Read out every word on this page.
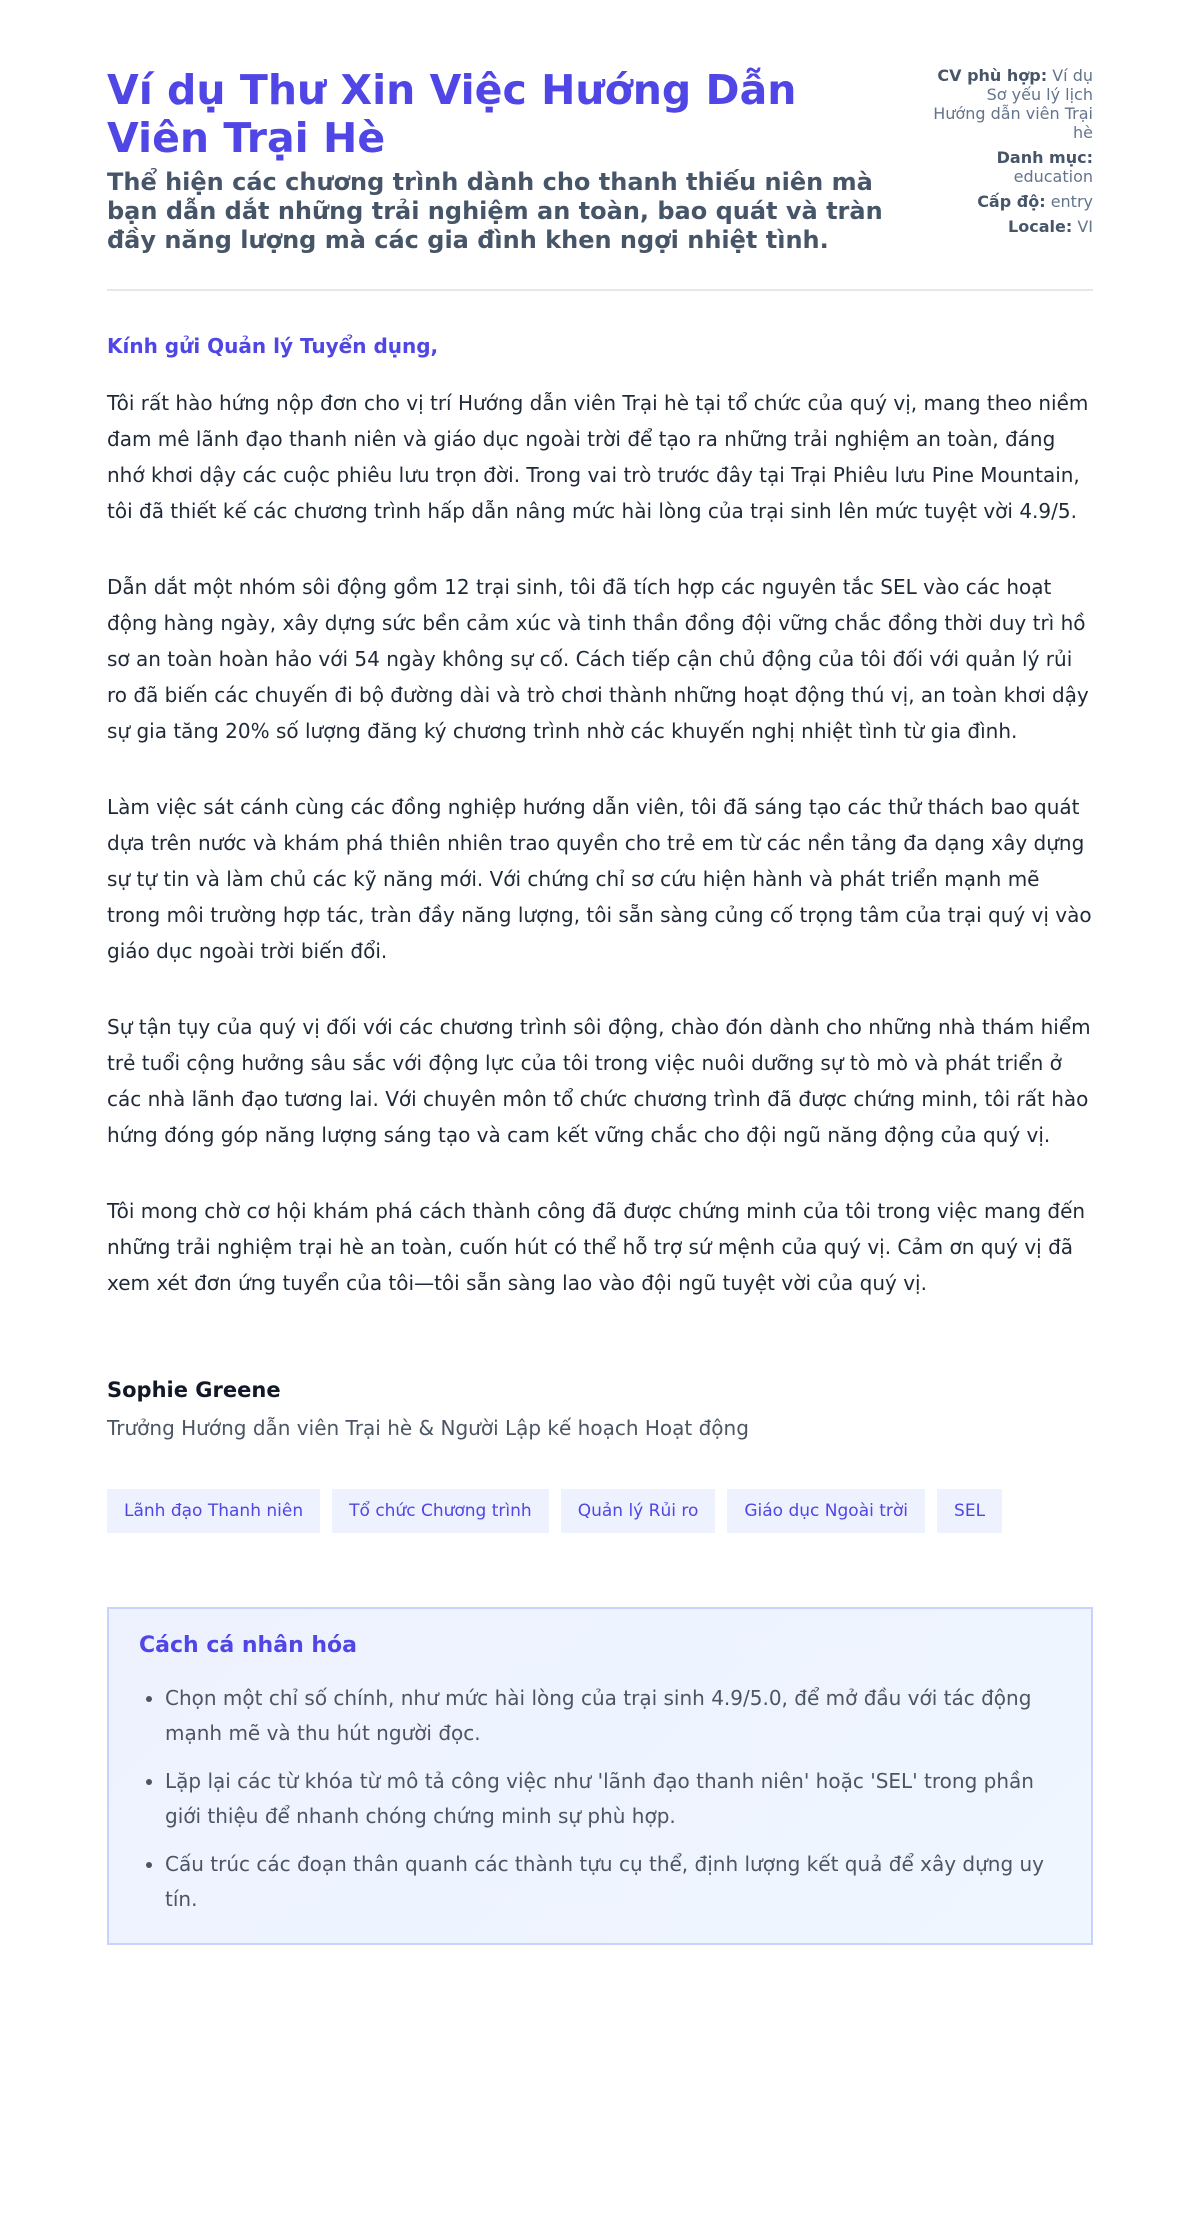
Ví dụ Thư Xin Việc Hướng Dẫn Viên Trại Hè

Thể hiện các chương trình dành cho thanh thiếu niên mà bạn dẫn dắt những trải nghiệm an toàn, bao quát và tràn đầy năng lượng mà các gia đình khen ngợi nhiệt tình.

CV phù hợp: Ví dụ Sơ yếu lý lịch Hướng dẫn viên Trại hè
Danh mục: education
Cấp độ: entry
Locale: VI

Kính gửi Quản lý Tuyển dụng,

Tôi rất hào hứng nộp đơn cho vị trí Hướng dẫn viên Trại hè tại tổ chức của quý vị, mang theo niềm đam mê lãnh đạo thanh niên và giáo dục ngoài trời để tạo ra những trải nghiệm an toàn, đáng nhớ khơi dậy các cuộc phiêu lưu trọn đời. Trong vai trò trước đây tại Trại Phiêu lưu Pine Mountain, tôi đã thiết kế các chương trình hấp dẫn nâng mức hài lòng của trại sinh lên mức tuyệt vời 4.9/5.

Dẫn dắt một nhóm sôi động gồm 12 trại sinh, tôi đã tích hợp các nguyên tắc SEL vào các hoạt động hàng ngày, xây dựng sức bền cảm xúc và tinh thần đồng đội vững chắc đồng thời duy trì hồ sơ an toàn hoàn hảo với 54 ngày không sự cố. Cách tiếp cận chủ động của tôi đối với quản lý rủi ro đã biến các chuyến đi bộ đường dài và trò chơi thành những hoạt động thú vị, an toàn khơi dậy sự gia tăng 20% số lượng đăng ký chương trình nhờ các khuyến nghị nhiệt tình từ gia đình.

Làm việc sát cánh cùng các đồng nghiệp hướng dẫn viên, tôi đã sáng tạo các thử thách bao quát dựa trên nước và khám phá thiên nhiên trao quyền cho trẻ em từ các nền tảng đa dạng xây dựng sự tự tin và làm chủ các kỹ năng mới. Với chứng chỉ sơ cứu hiện hành và phát triển mạnh mẽ trong môi trường hợp tác, tràn đầy năng lượng, tôi sẵn sàng củng cố trọng tâm của trại quý vị vào giáo dục ngoài trời biến đổi.

Sự tận tụy của quý vị đối với các chương trình sôi động, chào đón dành cho những nhà thám hiểm trẻ tuổi cộng hưởng sâu sắc với động lực của tôi trong việc nuôi dưỡng sự tò mò và phát triển ở các nhà lãnh đạo tương lai. Với chuyên môn tổ chức chương trình đã được chứng minh, tôi rất hào hứng đóng góp năng lượng sáng tạo và cam kết vững chắc cho đội ngũ năng động của quý vị.

Tôi mong chờ cơ hội khám phá cách thành công đã được chứng minh của tôi trong việc mang đến những trải nghiệm trại hè an toàn, cuốn hút có thể hỗ trợ sứ mệnh của quý vị. Cảm ơn quý vị đã xem xét đơn ứng tuyển của tôi—tôi sẵn sàng lao vào đội ngũ tuyệt vời của quý vị.

Sophie Greene

Trưởng Hướng dẫn viên Trại hè & Người Lập kế hoạch Hoạt động

Lãnh đạo Thanh niên	Tổ chức Chương trình	Quản lý Rủi ro	Giáo dục Ngoài trời	SEL
Cách cá nhân hóa
• Chọn một chỉ số chính, như mức hài lòng của trại sinh 4.9/5.0, để mở đầu với tác động mạnh mẽ và thu hút người đọc.
• Lặp lại các từ khóa từ mô tả công việc như 'lãnh đạo thanh niên' hoặc 'SEL' trong phần giới thiệu để nhanh chóng chứng minh sự phù hợp.
• Cấu trúc các đoạn thân quanh các thành tựu cụ thể, định lượng kết quả để xây dựng uy tín.
